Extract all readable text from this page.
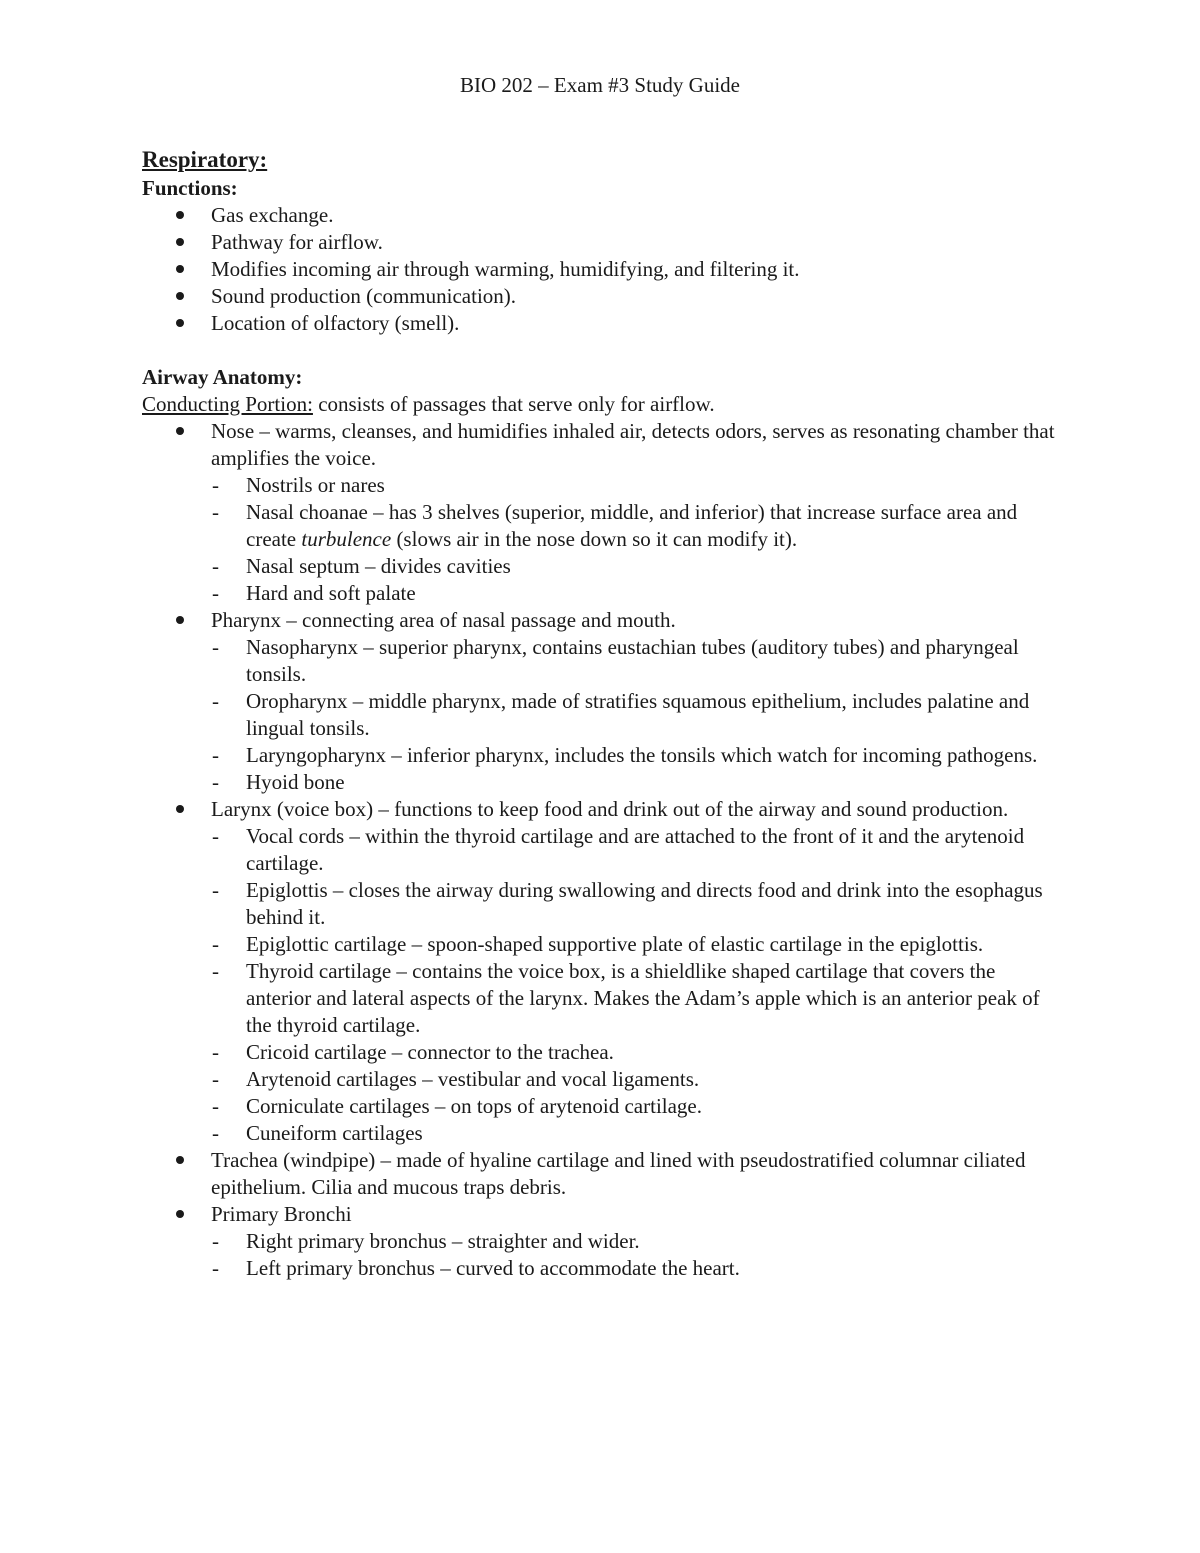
BIO 202 – Exam #3 Study Guide
Respiratory:
Functions:
Gas exchange.
Pathway for airflow.
Modifies incoming air through warming, humidifying, and filtering it.
Sound production (communication).
Location of olfactory (smell).
Airway Anatomy:
Conducting Portion: consists of passages that serve only for airflow.
Nose – warms, cleanses, and humidifies inhaled air, detects odors, serves as resonating chamber that amplifies the voice.
- Nostrils or nares
- Nasal choanae – has 3 shelves (superior, middle, and inferior) that increase surface area and create turbulence (slows air in the nose down so it can modify it).
- Nasal septum – divides cavities
- Hard and soft palate
Pharynx – connecting area of nasal passage and mouth.
- Nasopharynx – superior pharynx, contains eustachian tubes (auditory tubes) and pharyngeal tonsils.
- Oropharynx – middle pharynx, made of stratifies squamous epithelium, includes palatine and lingual tonsils.
- Laryngopharynx – inferior pharynx, includes the tonsils which watch for incoming pathogens.
- Hyoid bone
Larynx (voice box) – functions to keep food and drink out of the airway and sound production.
- Vocal cords – within the thyroid cartilage and are attached to the front of it and the arytenoid cartilage.
- Epiglottis – closes the airway during swallowing and directs food and drink into the esophagus behind it.
- Epiglottic cartilage – spoon-shaped supportive plate of elastic cartilage in the epiglottis.
- Thyroid cartilage – contains the voice box, is a shieldlike shaped cartilage that covers the anterior and lateral aspects of the larynx. Makes the Adam’s apple which is an anterior peak of the thyroid cartilage.
- Cricoid cartilage – connector to the trachea.
- Arytenoid cartilages – vestibular and vocal ligaments.
- Corniculate cartilages – on tops of arytenoid cartilage.
- Cuneiform cartilages
Trachea (windpipe) – made of hyaline cartilage and lined with pseudostratified columnar ciliated epithelium. Cilia and mucous traps debris.
Primary Bronchi
- Right primary bronchus – straighter and wider.
- Left primary bronchus – curved to accommodate the heart.
